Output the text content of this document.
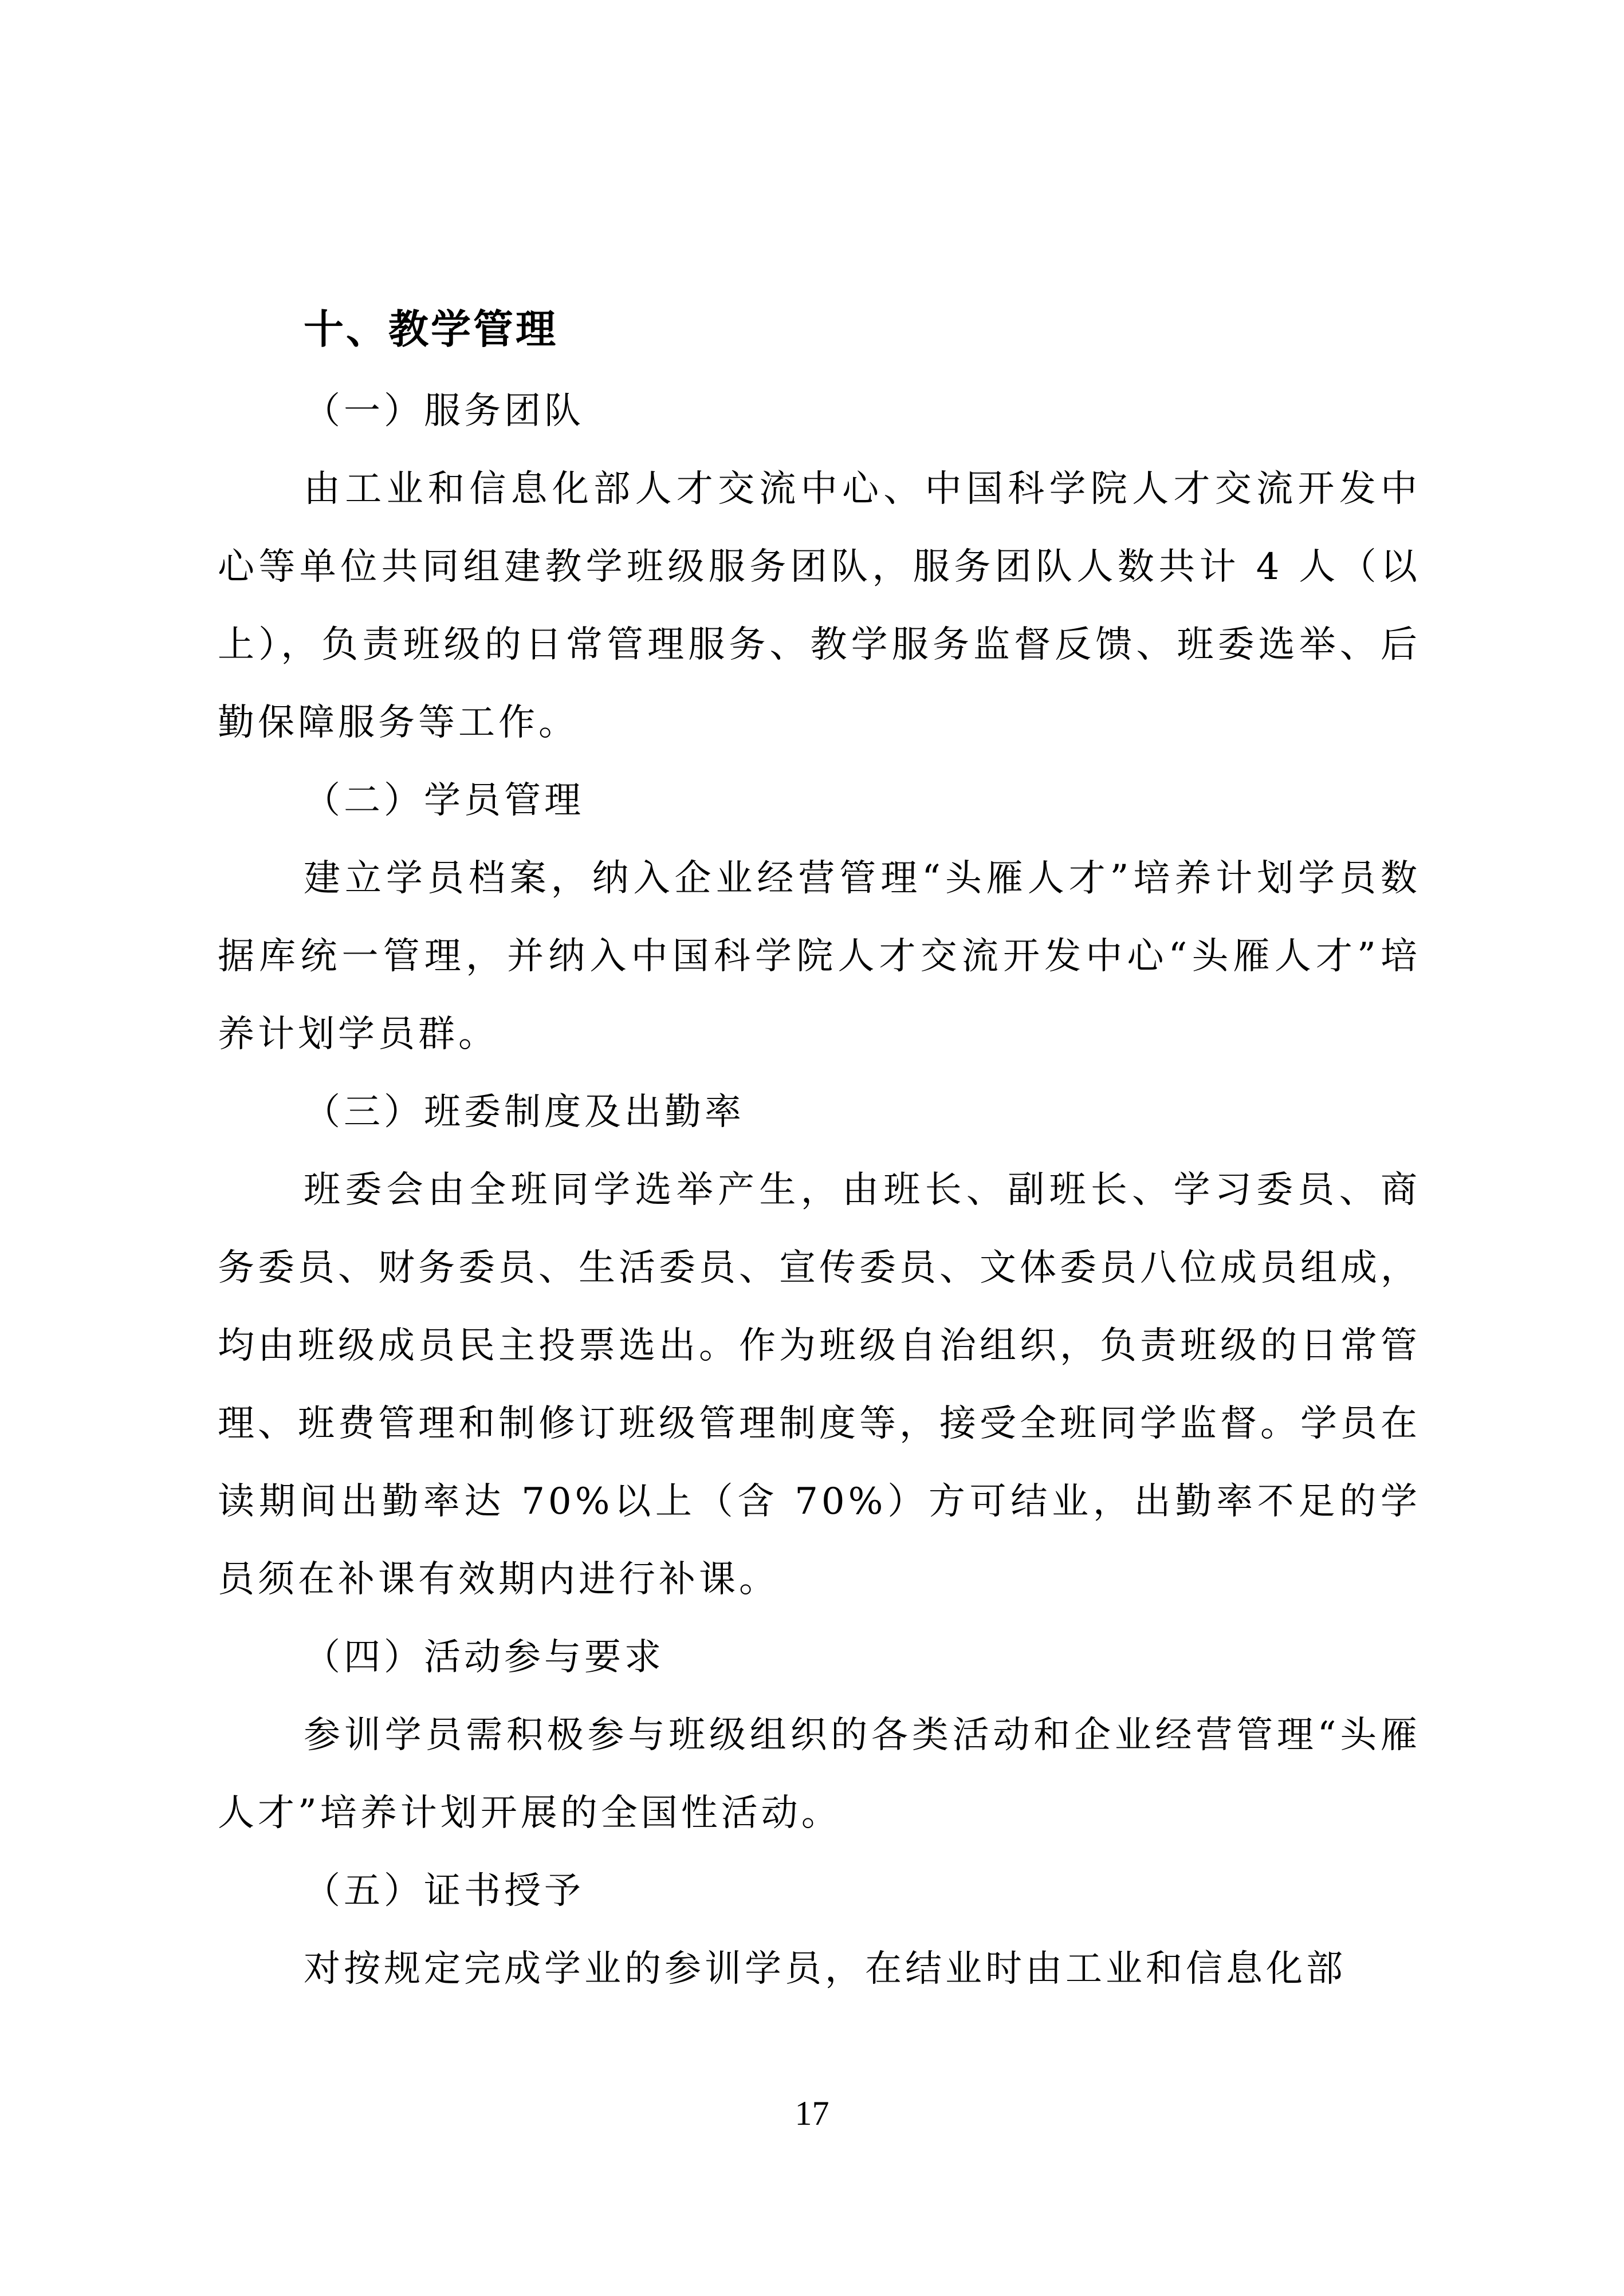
十、教学管理
（一）服务团队

由工业和信息化部人才交流中心、中国科学院人才交流开发中心等单位共同组建教学班级服务团队，服务团队人数共计 4 人（以上），负责班级的日常管理服务、教学服务监督反馈、班委选举、后勤保障服务等工作。

（二）学员管理

建立学员档案，纳入企业经营管理“头雁人才”培养计划学员数据库统一管理，并纳入中国科学院人才交流开发中心“头雁人才”培养计划学员群。

（三）班委制度及出勤率

班委会由全班同学选举产生，由班长、副班长、学习委员、商务委员、财务委员、生活委员、宣传委员、文体委员八位成员组成，均由班级成员民主投票选出。作为班级自治组织，负责班级的日常管理、班费管理和制修订班级管理制度等，接受全班同学监督。学员在读期间出勤率达 70%以上（含 70%）方可结业，出勤率不足的学员须在补课有效期内进行补课。

（四）活动参与要求

参训学员需积极参与班级组织的各类活动和企业经营管理“头雁人才”培养计划开展的全国性活动。

（五）证书授予

对按规定完成学业的参训学员，在结业时由工业和信息化部

17
